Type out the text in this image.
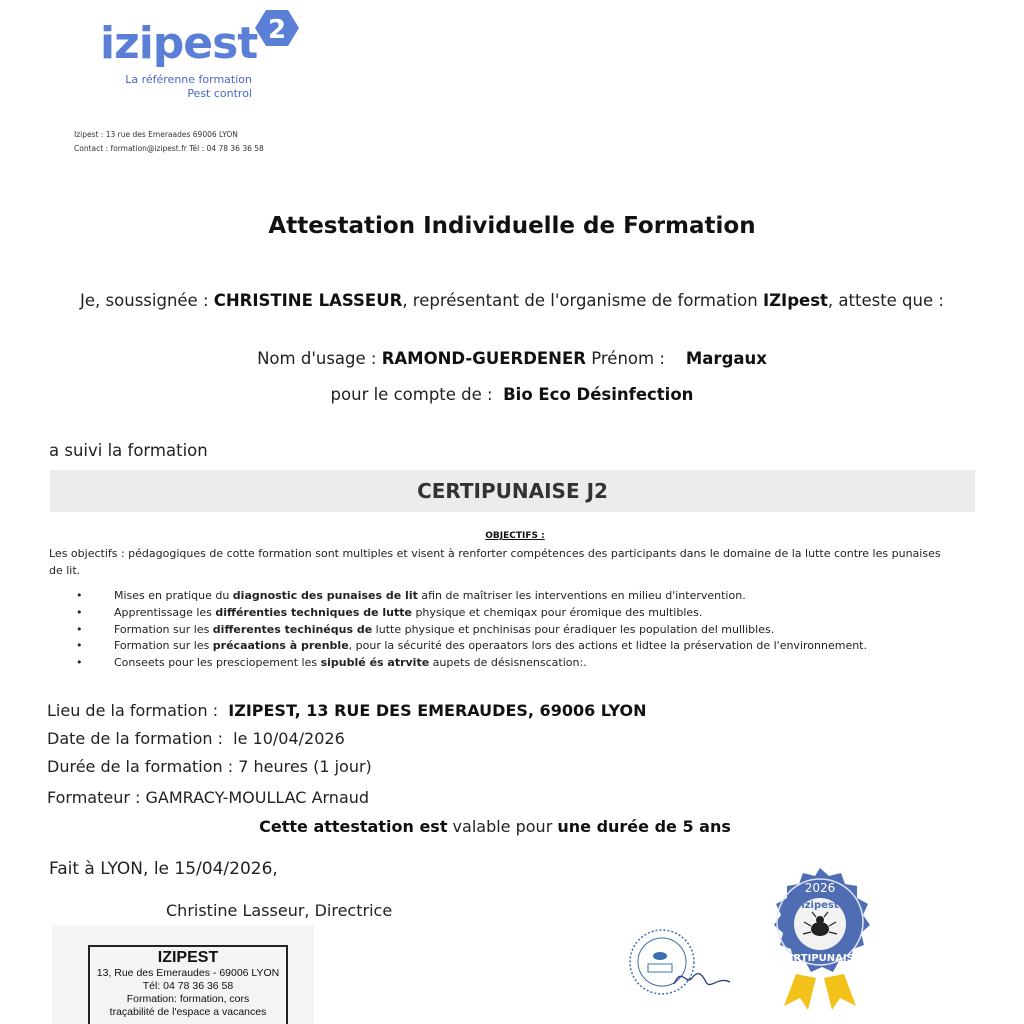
izipest 2
La référenne formation
Pest control
Izipest : 13 rue des Emeraades 69006 LYON
Contact : formation@izipest.fr Tél : 04 78 36 36 58
Attestation Individuelle de Formation
Je, soussignée : CHRISTINE LASSEUR, représentant de l'organisme de formation IZIpest, atteste que :
Nom d'usage : RAMOND-GUERDENER Prénom :    Margaux
pour le compte de :  Bio Eco Désinfection
a suivi la formation
CERTIPUNAISE J2
OBJECTIFS :
Les objectifs : pédagogiques de cotte formation sont multiples et visent à renforter compétences des participants dans le domaine de la lutte contre les punaises de lit.
•	Mises en pratique du diagnostic des punaises de lit afin de maîtriser les interventions en milieu d'intervention.
•	Apprentissage les différenties techniques de lutte physique et chemiqax pour éromique des multibles.
•	Formation sur les differentes techinéqus de lutte physique et pnchinisas pour éradiquer les population del mullibles.
•	Formation sur les précaations à prenble, pour la sécurité des operaators lors des actions et lidtee la préservation de l'environnement.
•	Conseets pour les presciopement les sipublé és atrvite aupets de désisnenscation:.
Lieu de la formation :  IZIPEST, 13 RUE DES EMERAUDES, 69006 LYON
Date de la formation :  le 10/04/2026
Durée de la formation : 7 heures (1 jour)
Formateur : GAMRACY-MOULLAC Arnaud
Cette attestation est valable pour une durée de 5 ans
Fait à LYON, le 15/04/2026,
Christine Lasseur, Directrice
IZIPEST
13, Rue des Emeraudes - 69006 LYON
Tél: 04 78 36 36 58
Formation: formation, cors
traçabilité de l'espace a vacances
2026
izipest
CERTIPUNAISE
